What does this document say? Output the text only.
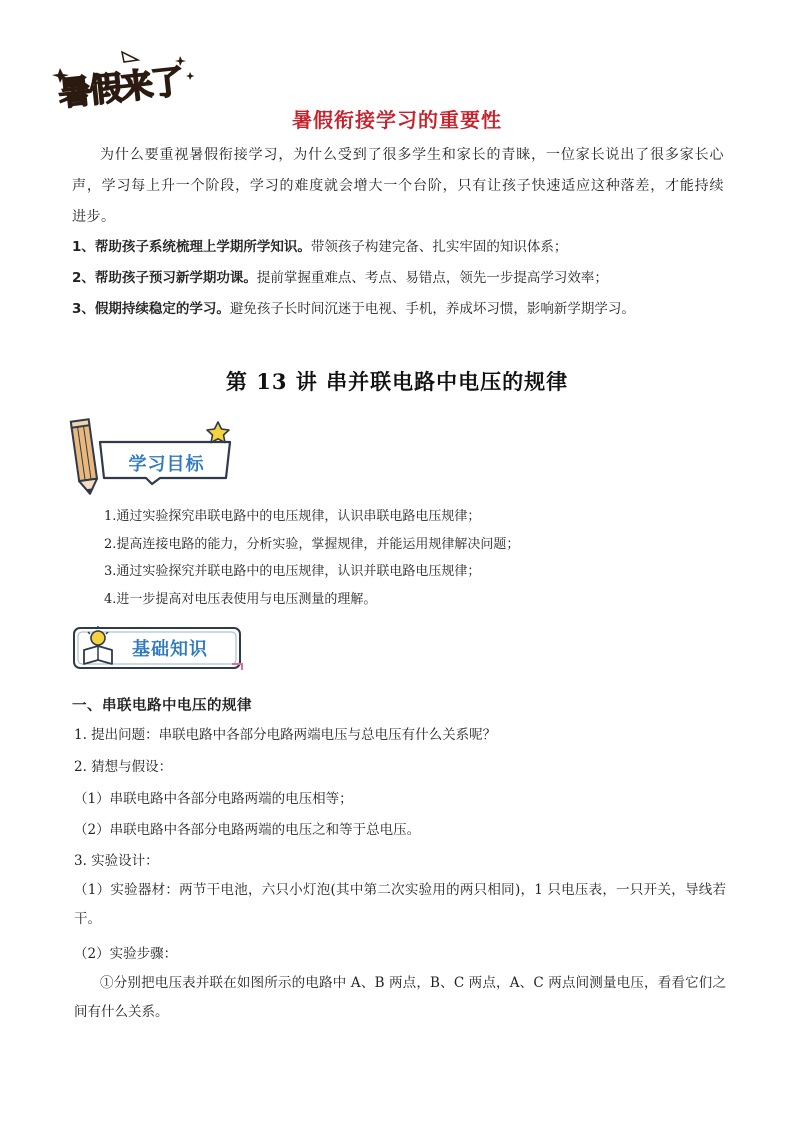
暑假来了
暑假衔接学习的重要性
为什么要重视暑假衔接学习，为什么受到了很多学生和家长的青睐，一位家长说出了很多家长心声，学习每上升一个阶段，学习的难度就会增大一个台阶，只有让孩子快速适应这种落差，才能持续进步。
1、帮助孩子系统梳理上学期所学知识。带领孩子构建完备、扎实牢固的知识体系；
2、帮助孩子预习新学期功课。提前掌握重难点、考点、易错点，领先一步提高学习效率；
3、假期持续稳定的学习。避免孩子长时间沉迷于电视、手机，养成坏习惯，影响新学期学习。
第 13 讲 串并联电路中电压的规律
学习目标
1.通过实验探究串联电路中的电压规律，认识串联电路电压规律；
2.提高连接电路的能力，分析实验，掌握规律，并能运用规律解决问题；
3.通过实验探究并联电路中的电压规律，认识并联电路电压规律；
4.进一步提高对电压表使用与电压测量的理解。
基础知识
一、串联电路中电压的规律
1. 提出问题：串联电路中各部分电路两端电压与总电压有什么关系呢？
2. 猜想与假设：
（1）串联电路中各部分电路两端的电压相等；
（2）串联电路中各部分电路两端的电压之和等于总电压。
3. 实验设计：
（1）实验器材：两节干电池，六只小灯泡(其中第二次实验用的两只相同)，1 只电压表，一只开关，导线若干。
（2）实验步骤：
①分别把电压表并联在如图所示的电路中 A、B 两点，B、C 两点，A、C 两点间测量电压，看看它们之间有什么关系。
